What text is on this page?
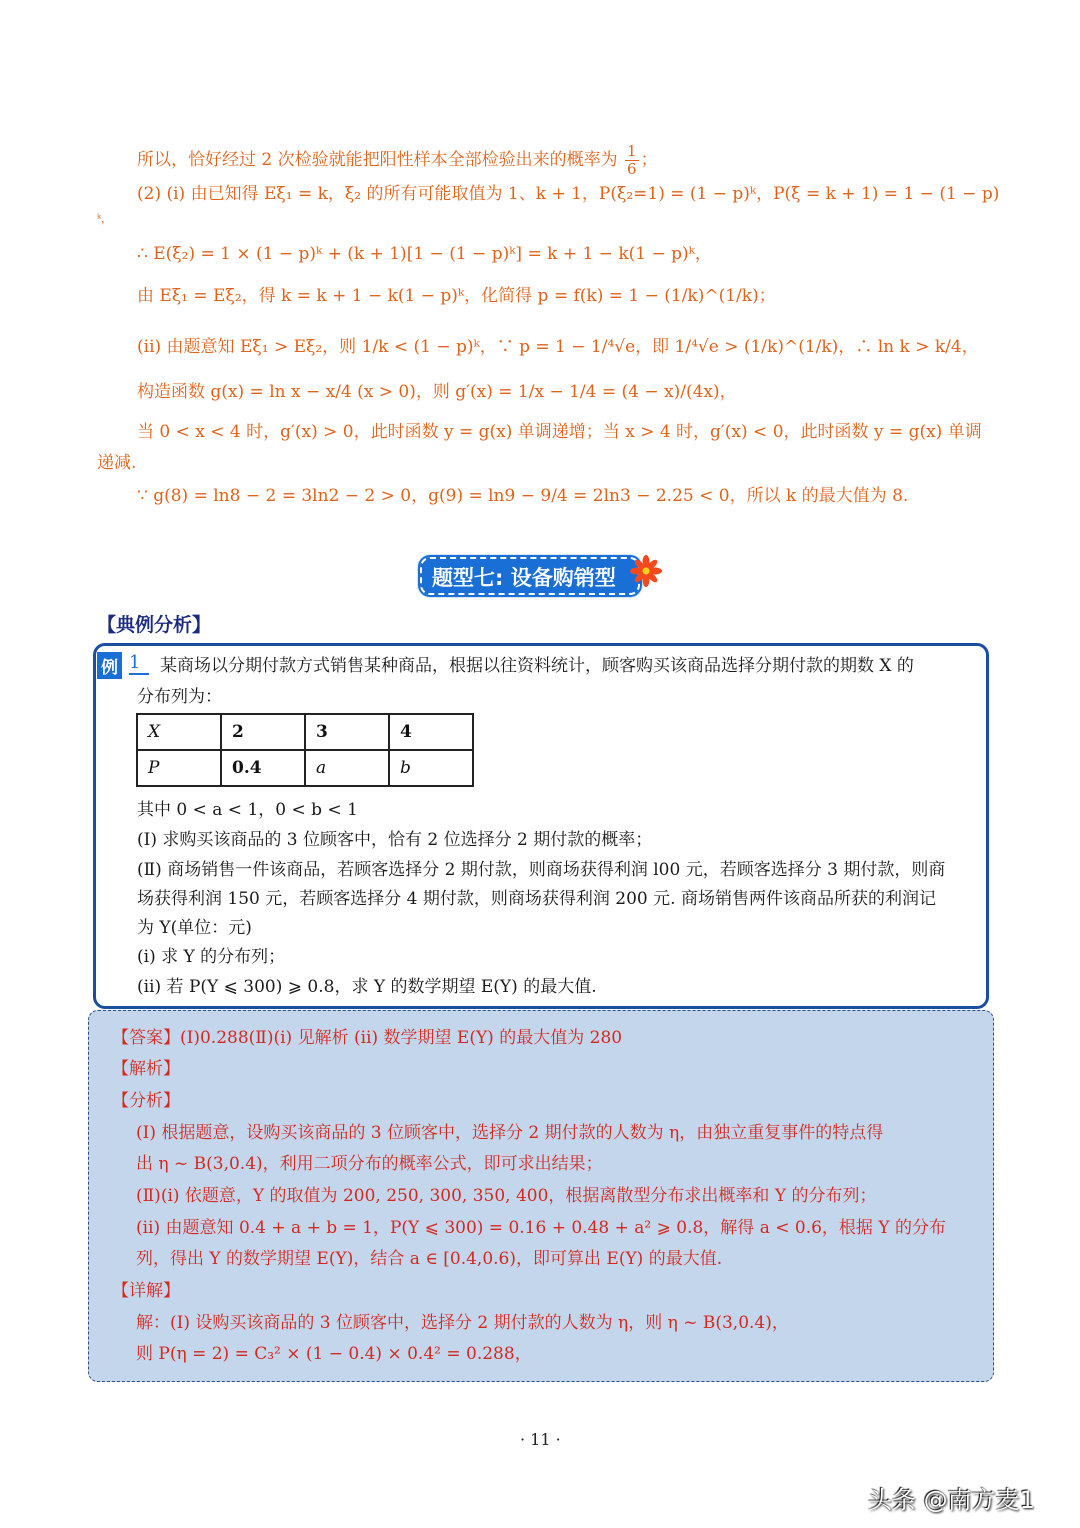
所以，恰好经过 2 次检验就能把阳性样本全部检验出来的概率为 $\frac{1}{6}$ ；
(2) (i) 由已知得 Eξ₁ = k，ξ₂ 的所有可能取值为 1、k + 1，P(ξ₂=1) = (1 − p)ᵏ，P(ξ = k + 1) = 1 − (1 − p)
ᵏ，
∴ E(ξ₂) = 1 × (1 − p)ᵏ + (k + 1)[1 − (1 − p)ᵏ] = k + 1 − k(1 − p)ᵏ，
由 Eξ₁ = Eξ₂，得 k = k + 1 − k(1 − p)ᵏ，化简得 p = f(k) = 1 − (1/k)^(1/k)；
(ii) 由题意知 Eξ₁ > Eξ₂，则 1/k < (1 − p)ᵏ，∵ p = 1 − 1/⁴√e，即 1/⁴√e > (1/k)^(1/k)，∴ ln k > k/4，
构造函数 g(x) = ln x − x/4 (x > 0)，则 g′(x) = 1/x − 1/4 = (4 − x)/(4x)，
当 0 < x < 4 时，g′(x) > 0，此时函数 y = g(x) 单调递增；当 x > 4 时，g′(x) < 0，此时函数 y = g(x) 单调
递减.
∵ g(8) = ln8 − 2 = 3ln2 − 2 > 0，g(9) = ln9 − 9/4 = 2ln3 − 2.25 < 0，所以 k 的最大值为 8.
题型七: 设备购销型
【典例分析】
例 1	某商场以分期付款方式销售某种商品，根据以往资料统计，顾客购买该商品选择分期付款的期数 X 的
分布列为：
X	2	3	4
P	0.4	a	b
其中 0 < a < 1，0 < b < 1
(Ⅰ) 求购买该商品的 3 位顾客中，恰有 2 位选择分 2 期付款的概率；
(Ⅱ) 商场销售一件该商品，若顾客选择分 2 期付款，则商场获得利润 l00 元，若顾客选择分 3 期付款，则商
场获得利润 150 元，若顾客选择分 4 期付款，则商场获得利润 200 元. 商场销售两件该商品所获的利润记
为 Y(单位：元)
(ⅰ) 求 Y 的分布列；
(ⅱ) 若 P(Y ⩽ 300) ⩾ 0.8，求 Y 的数学期望 E(Y) 的最大值.
【答案】(Ⅰ)0.288(Ⅱ)(ⅰ) 见解析 (ⅱ) 数学期望 E(Y) 的最大值为 280
【解析】
【分析】
(Ⅰ) 根据题意，设购买该商品的 3 位顾客中，选择分 2 期付款的人数为 η，由独立重复事件的特点得
出 η ~ B(3,0.4)，利用二项分布的概率公式，即可求出结果；
(Ⅱ)(ⅰ) 依题意，Y 的取值为 200, 250, 300, 350, 400，根据离散型分布求出概率和 Y 的分布列；
(ⅱ) 由题意知 0.4 + a + b = 1，P(Y ⩽ 300) = 0.16 + 0.48 + a² ⩾ 0.8，解得 a < 0.6，根据 Y 的分布
列，得出 Y 的数学期望 E(Y)，结合 a ∈ [0.4,0.6)，即可算出 E(Y) 的最大值.
【详解】
解：(Ⅰ) 设购买该商品的 3 位顾客中，选择分 2 期付款的人数为 η，则 η ~ B(3,0.4)，
则 P(η = 2) = C₃² × (1 − 0.4) × 0.4² = 0.288，
· 11 ·
头条 @南方麦1
